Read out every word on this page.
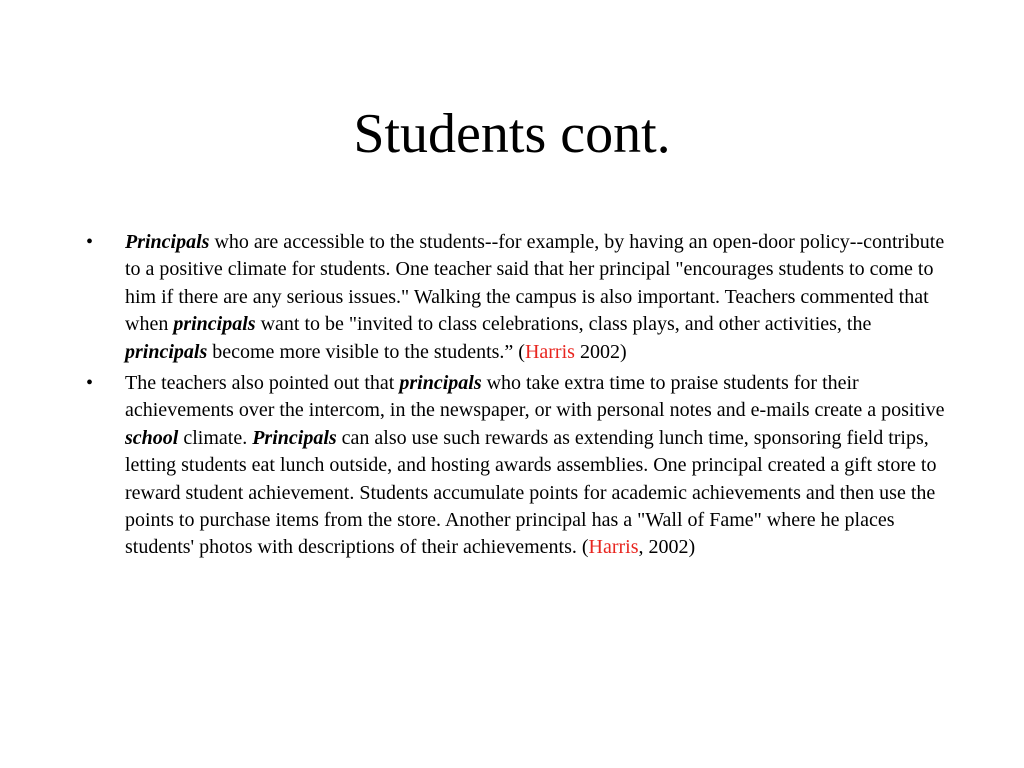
Students cont.
• Principals who are accessible to the students--for example, by having an open-door policy--contribute to a positive climate for students. One teacher said that her principal "encourages students to come to him if there are any serious issues." Walking the campus is also important. Teachers commented that when principals want to be "invited to class celebrations, class plays, and other activities, the principals become more visible to the students.” (Harris 2002)
• The teachers also pointed out that principals who take extra time to praise students for their achievements over the intercom, in the newspaper, or with personal notes and e-mails create a positive school climate. Principals can also use such rewards as extending lunch time, sponsoring field trips, letting students eat lunch outside, and hosting awards assemblies. One principal created a gift store to reward student achievement. Students accumulate points for academic achievements and then use the points to purchase items from the store. Another principal has a "Wall of Fame" where he places students' photos with descriptions of their achievements. (Harris, 2002)
